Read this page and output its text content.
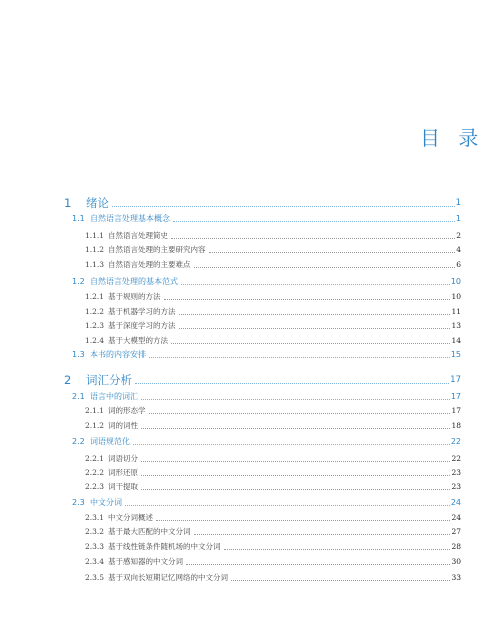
目 录
1	绪论	1
1.1 自然语言处理基本概念	1
1.1.1 自然语言处理简史	2
1.1.2 自然语言处理的主要研究内容	4
1.1.3 自然语言处理的主要难点	6
1.2 自然语言处理的基本范式	10
1.2.1 基于规则的方法	10
1.2.2 基于机器学习的方法	11
1.2.3 基于深度学习的方法	13
1.2.4 基于大模型的方法	14
1.3 本书的内容安排	15
2	词汇分析	17
2.1 语言中的词汇	17
2.1.1 词的形态学	17
2.1.2 词的词性	18
2.2 词语规范化	22
2.2.1 词语切分	22
2.2.2 词形还原	23
2.2.3 词干提取	23
2.3 中文分词	24
2.3.1 中文分词概述	24
2.3.2 基于最大匹配的中文分词	27
2.3.3 基于线性链条件随机场的中文分词	28
2.3.4 基于感知器的中文分词	30
2.3.5 基于双向长短期记忆网络的中文分词	33
